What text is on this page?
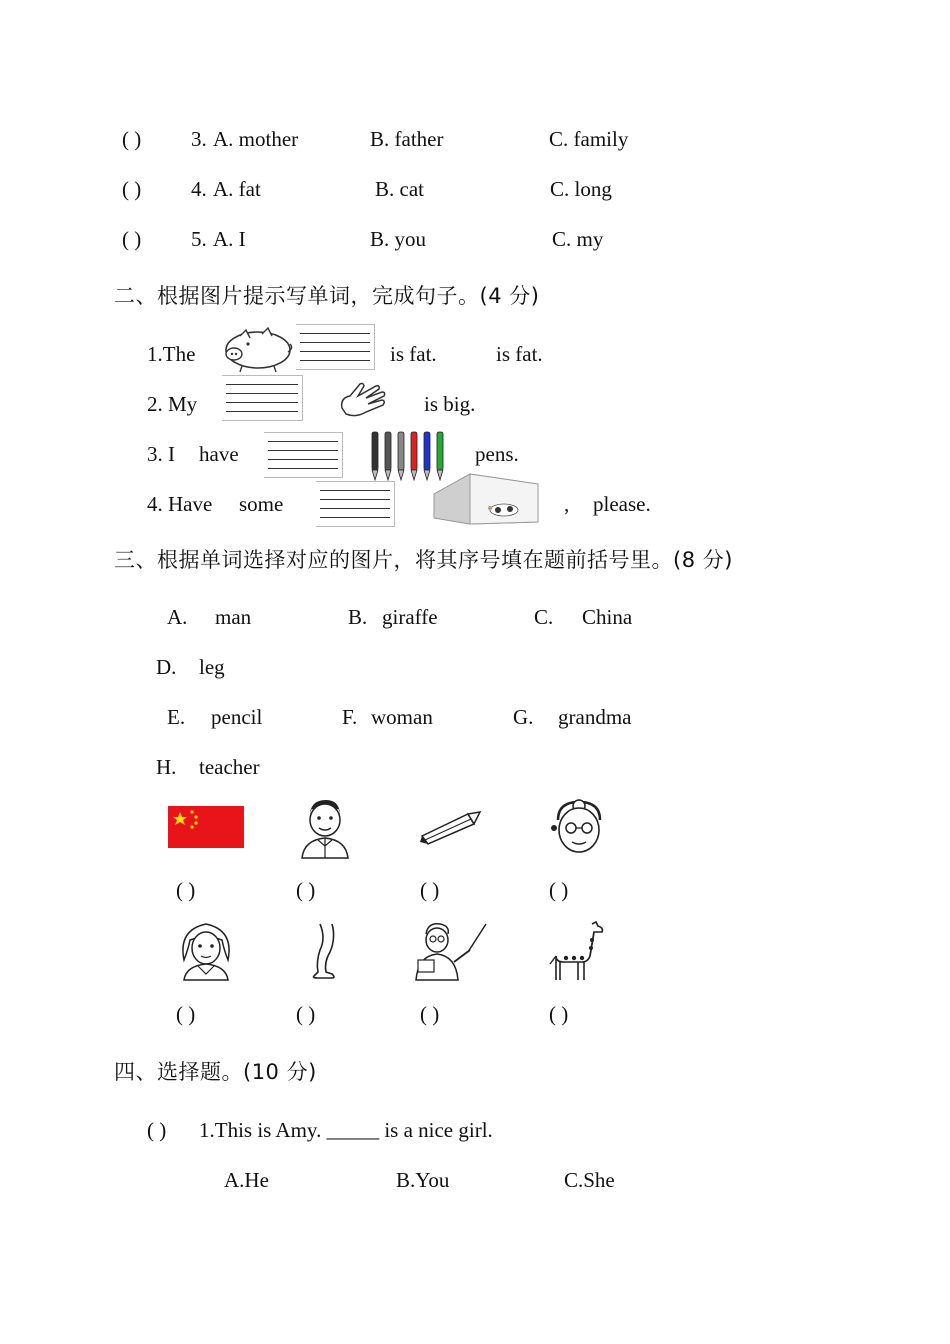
( ) 3. A. mother	B. father	C. family
( ) 4. A. fat	B. cat	C. long
( ) 5. A. I	B. you	C. my
二、根据图片提示写单词，完成句子。(4 分)
1.The	is fat.	is fat.
2. My	is big.
3. I have	pens.
4. Have some	, please.
三、根据单词选择对应的图片，将其序号填在题前括号里。(8 分)
A. man	B. giraffe	C. China
D. leg
E. pencil	F. woman	G. grandma
H. teacher
( )	( )	( )	( )
( )	( )	( )	( )
四、选择题。(10 分)
( ) 1.This is Amy. _____ is a nice girl.
A.He	B.You	C.She
